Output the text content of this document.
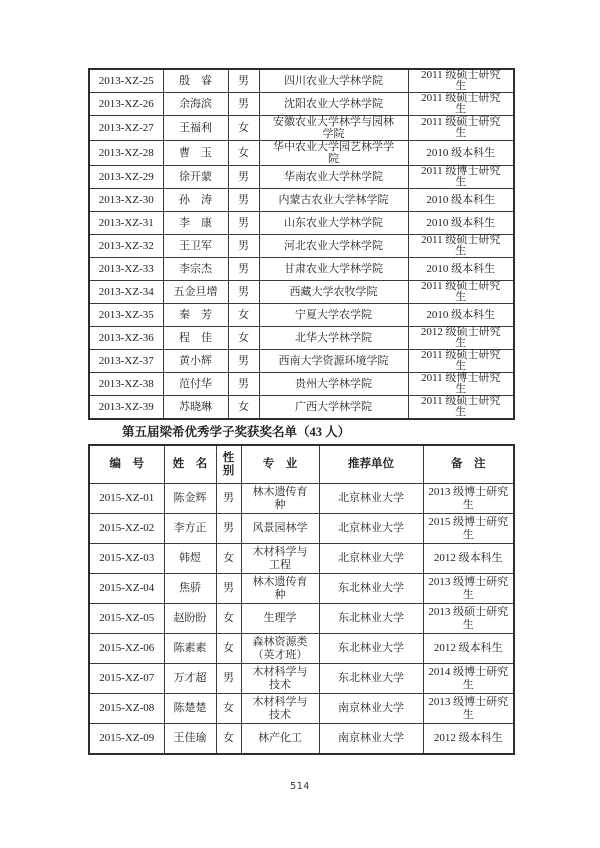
2013-XZ-25	殷　睿	男	四川农业大学林学院	2011 级硕士研究生

2013-XZ-26	余海滨	男	沈阳农业大学林学院	2011 级硕士研究生

2013-XZ-27	王福利	女	安徽农业大学林学与园林学院	2011 级硕士研究生

2013-XZ-28	曹　玉	女	华中农业大学园艺林学学院	2010 级本科生

2013-XZ-29	徐开蒙	男	华南农业大学林学院	2011 级博士研究生

2013-XZ-30	孙　涛	男	内蒙古农业大学林学院	2010 级本科生

2013-XZ-31	李　康	男	山东农业大学林学院	2010 级本科生

2013-XZ-32	王卫军	男	河北农业大学林学院	2011 级硕士研究生

2013-XZ-33	李宗杰	男	甘肃农业大学林学院	2010 级本科生

2013-XZ-34	五金旦增	男	西藏大学农牧学院	2011 级硕士研究生

2013-XZ-35	秦　芳	女	宁夏大学农学院	2010 级本科生

2013-XZ-36	程　佳	女	北华大学林学院	2012 级硕士研究生

2013-XZ-37	黄小辉	男	西南大学资源环境学院	2011 级硕士研究生

2013-XZ-38	范付华	男	贵州大学林学院	2011 级博士研究生

2013-XZ-39	苏晓琳	女	广西大学林学院	2011 级硕士研究生
第五届梁希优秀学子奖获奖名单（43 人）
编　号	姓　名	性别	专　业	推荐单位	备　注

2015-XZ-01	陈金辉	男	林木遗传育种	北京林业大学	2013 级博士研究生

2015-XZ-02	李方正	男	风景园林学	北京林业大学	2015 级博士研究生

2015-XZ-03	韩煜	女	木材科学与工程	北京林业大学	2012 级本科生

2015-XZ-04	焦骄	男	林木遗传育种	东北林业大学	2013 级博士研究生

2015-XZ-05	赵盼盼	女	生理学	东北林业大学	2013 级硕士研究生

2015-XZ-06	陈素素	女	森林资源类（英才班）	东北林业大学	2012 级本科生

2015-XZ-07	万才超	男	木材科学与技术	东北林业大学	2014 级博士研究生

2015-XZ-08	陈楚楚	女	木材科学与技术	南京林业大学	2013 级博士研究生

2015-XZ-09	王佳瑜	女	林产化工	南京林业大学	2012 级本科生
514
